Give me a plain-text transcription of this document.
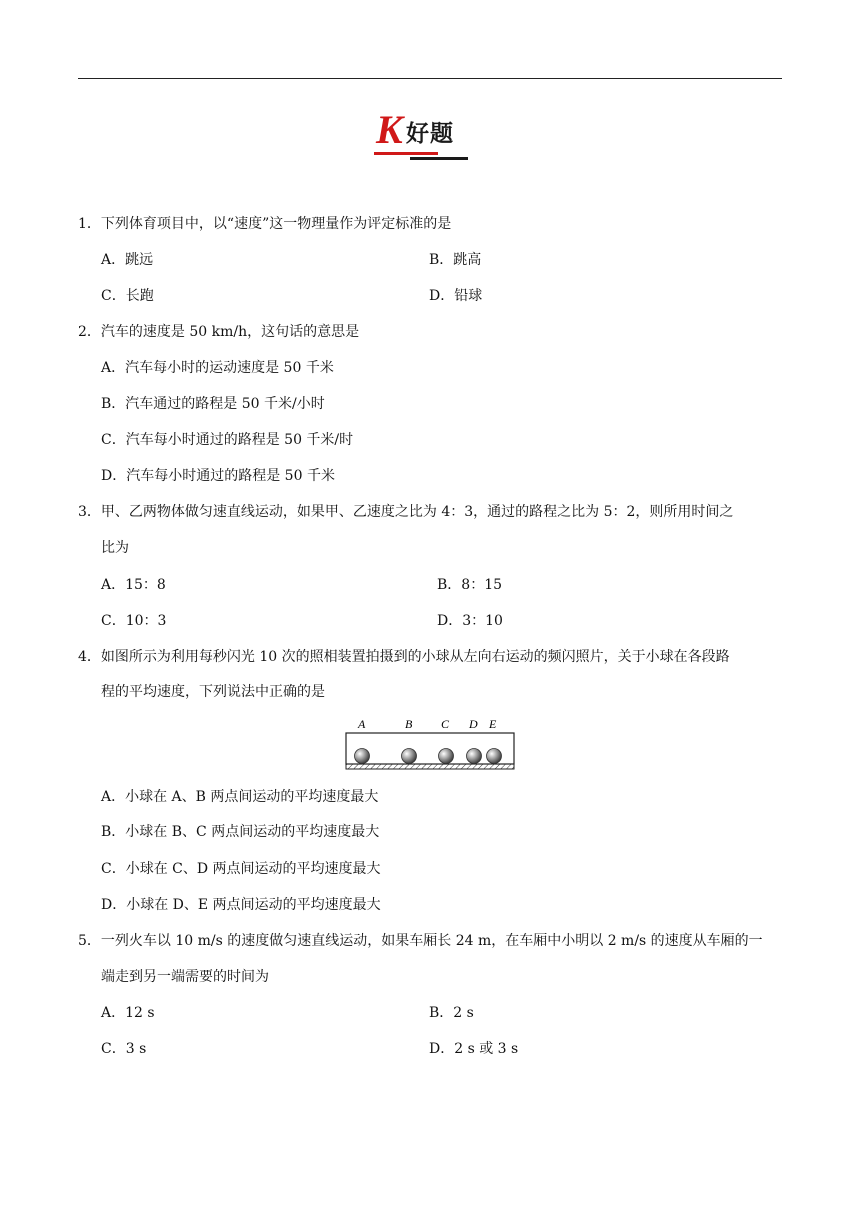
K 好题
1．下列体育项目中，以“速度”这一物理量作为评定标准的是
A．跳远	B．跳高
C．长跑	D．铅球
2．汽车的速度是 50 km/h，这句话的意思是
A．汽车每小时的运动速度是 50 千米
B．汽车通过的路程是 50 千米/小时
C．汽车每小时通过的路程是 50 千米/时
D．汽车每小时通过的路程是 50 千米
3．甲、乙两物体做匀速直线运动，如果甲、乙速度之比为 4：3，通过的路程之比为 5：2，则所用时间之
比为
A．15：8	B．8：15
C．10：3	D．3：10
4．如图所示为利用每秒闪光 10 次的照相装置拍摄到的小球从左向右运动的频闪照片，关于小球在各段路
程的平均速度，下列说法中正确的是
A	B C D E
A．小球在 A、B 两点间运动的平均速度最大
B．小球在 B、C 两点间运动的平均速度最大
C．小球在 C、D 两点间运动的平均速度最大
D．小球在 D、E 两点间运动的平均速度最大
5．一列火车以 10 m/s 的速度做匀速直线运动，如果车厢长 24 m，在车厢中小明以 2 m/s 的速度从车厢的一
端走到另一端需要的时间为
A．12 s	B．2 s
C．3 s	D．2 s 或 3 s
